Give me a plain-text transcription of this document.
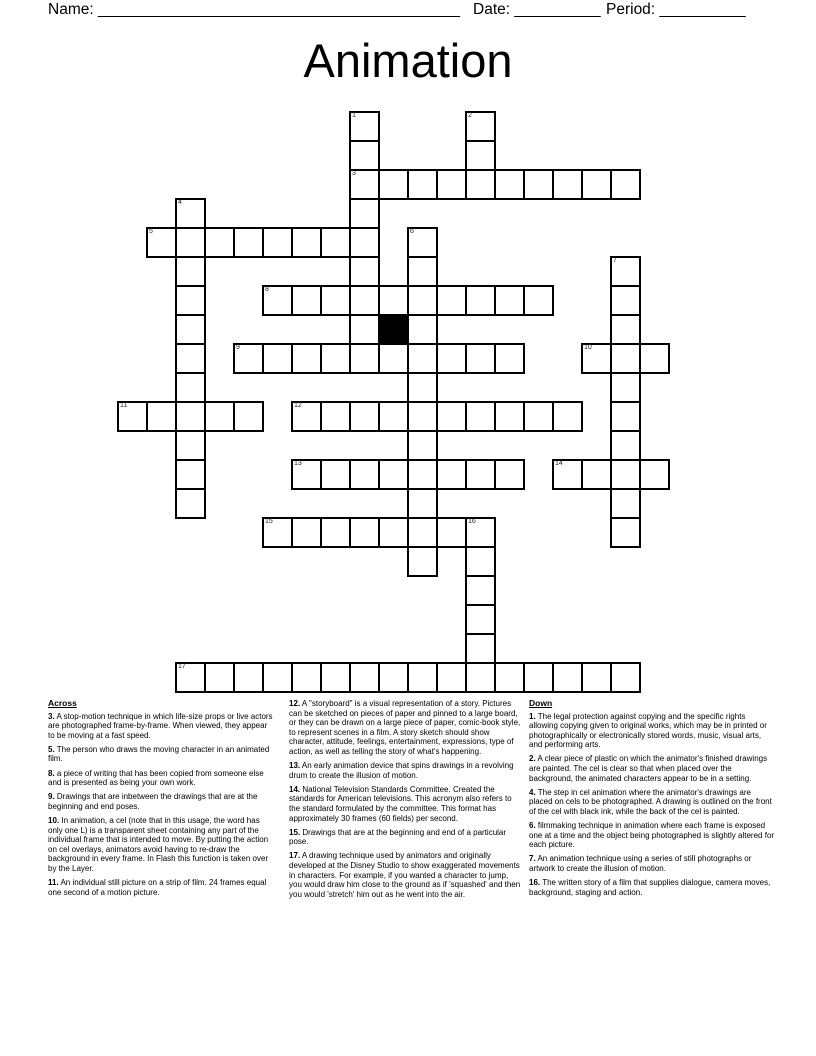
Name: __________________________________________ Date: __________ Period: __________
Animation
1
3
2
4
5	6
7
8
9	10
11	12
13	14
15	16
17
Across
3. A stop-motion technique in which life-size props or live actors are photographed frame-by-frame. When viewed, they appear to be moving at a fast speed.
5. The person who draws the moving character in an animated film.
8. a piece of writing that has been copied from someone else and is presented as being your own work.
9. Drawings that are inbetween the drawings that are at the beginning and end poses.
10. In animation, a cel (note that in this usage, the word has only one L) is a transparent sheet containing any part of the individual frame that is intended to move. By putting the action on cel overlays, animators avoid having to re-draw the background in every frame. In Flash this function is taken over by the Layer.
11. An individual still picture on a strip of film. 24 frames equal one second of a motion picture.
12. A "storyboard" is a visual representation of a story. Pictures can be sketched on pieces of paper and pinned to a large board, or they can be drawn on a large piece of paper, comic-book style, to represent scenes in a film. A story sketch should show character, attitude, feelings, entertainment, expressions, type of action, as well as telling the story of what's happening.
13. An early animation device that spins drawings in a revolving drum to create the illusion of motion.
14. National Television Standards Committee. Created the standards for American televisions. This acronym also refers to the standard formulated by the committee. This format has approximately 30 frames (60 fields) per second.
15. Drawings that are at the beginning and end of a particular pose.
17. A drawing technique used by animators and originally developed at the Disney Studio to show exaggerated movements in characters. For example, if you wanted a character to jump, you would draw him close to the ground as if 'squashed' and then you would 'stretch' him out as he went into the air.
Down
1. The legal protection against copying and the specific rights allowing copying given to original works, which may be in printed or photographically or electronically stored words, music, visual arts, and performing arts.
2. A clear piece of plastic on which the animator's finished drawings are painted. The cel is clear so that when placed over the background, the animated characters appear to be in a setting.
4. The step in cel animation where the animator's drawings are placed on cels to be photographed. A drawing is outlined on the front of the cel with black ink, while the back of the cel is painted.
6. filmmaking technique in animation where each frame is exposed one at a time and the object being photographed is slightly altered for each picture.
7. An animation technique using a series of still photographs or artwork to create the illusion of motion.
16. The written story of a film that supplies dialogue, camera moves, background, staging and action.
